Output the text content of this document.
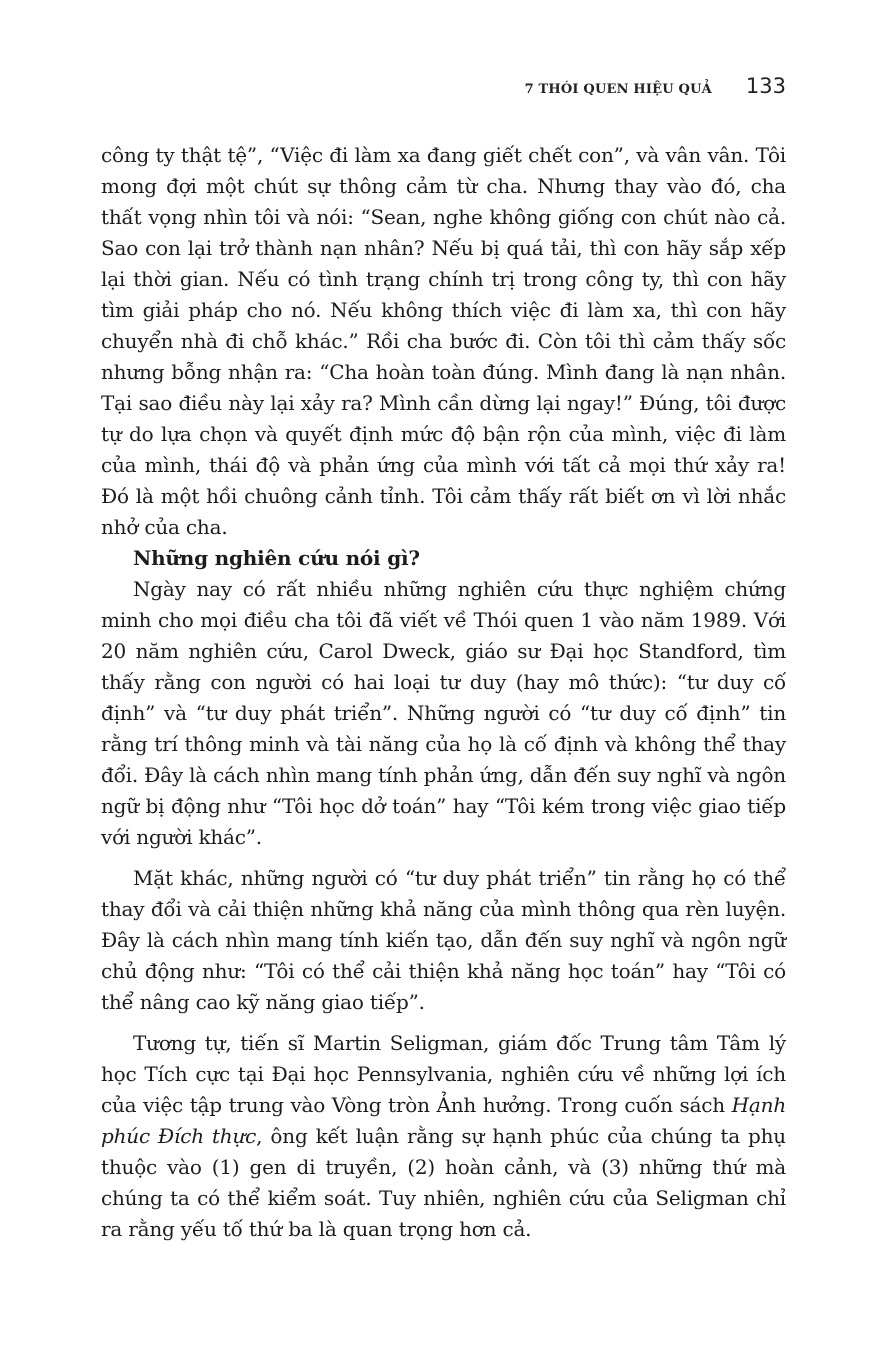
7 THÓI QUEN HIỆU QUẢ 133

công ty thật tệ”, “Việc đi làm xa đang giết chết con”, và vân vân. Tôi mong đợi một chút sự thông cảm từ cha. Nhưng thay vào đó, cha thất vọng nhìn tôi và nói: “Sean, nghe không giống con chút nào cả. Sao con lại trở thành nạn nhân? Nếu bị quá tải, thì con hãy sắp xếp lại thời gian. Nếu có tình trạng chính trị trong công ty, thì con hãy tìm giải pháp cho nó. Nếu không thích việc đi làm xa, thì con hãy chuyển nhà đi chỗ khác.” Rồi cha bước đi. Còn tôi thì cảm thấy sốc nhưng bỗng nhận ra: “Cha hoàn toàn đúng. Mình đang là nạn nhân. Tại sao điều này lại xảy ra? Mình cần dừng lại ngay!” Đúng, tôi được tự do lựa chọn và quyết định mức độ bận rộn của mình, việc đi làm của mình, thái độ và phản ứng của mình với tất cả mọi thứ xảy ra! Đó là một hồi chuông cảnh tỉnh. Tôi cảm thấy rất biết ơn vì lời nhắc nhở của cha.

Những nghiên cứu nói gì?

Ngày nay có rất nhiều những nghiên cứu thực nghiệm chứng minh cho mọi điều cha tôi đã viết về Thói quen 1 vào năm 1989. Với 20 năm nghiên cứu, Carol Dweck, giáo sư Đại học Standford, tìm thấy rằng con người có hai loại tư duy (hay mô thức): “tư duy cố định” và “tư duy phát triển”. Những người có “tư duy cố định” tin rằng trí thông minh và tài năng của họ là cố định và không thể thay đổi. Đây là cách nhìn mang tính phản ứng, dẫn đến suy nghĩ và ngôn ngữ bị động như “Tôi học dở toán” hay “Tôi kém trong việc giao tiếp với người khác”.

Mặt khác, những người có “tư duy phát triển” tin rằng họ có thể thay đổi và cải thiện những khả năng của mình thông qua rèn luyện. Đây là cách nhìn mang tính kiến tạo, dẫn đến suy nghĩ và ngôn ngữ chủ động như: “Tôi có thể cải thiện khả năng học toán” hay “Tôi có thể nâng cao kỹ năng giao tiếp”.

Tương tự, tiến sĩ Martin Seligman, giám đốc Trung tâm Tâm lý học Tích cực tại Đại học Pennsylvania, nghiên cứu về những lợi ích của việc tập trung vào Vòng tròn Ảnh hưởng. Trong cuốn sách Hạnh phúc Đích thực, ông kết luận rằng sự hạnh phúc của chúng ta phụ thuộc vào (1) gen di truyền, (2) hoàn cảnh, và (3) những thứ mà chúng ta có thể kiểm soát. Tuy nhiên, nghiên cứu của Seligman chỉ ra rằng yếu tố thứ ba là quan trọng hơn cả.
